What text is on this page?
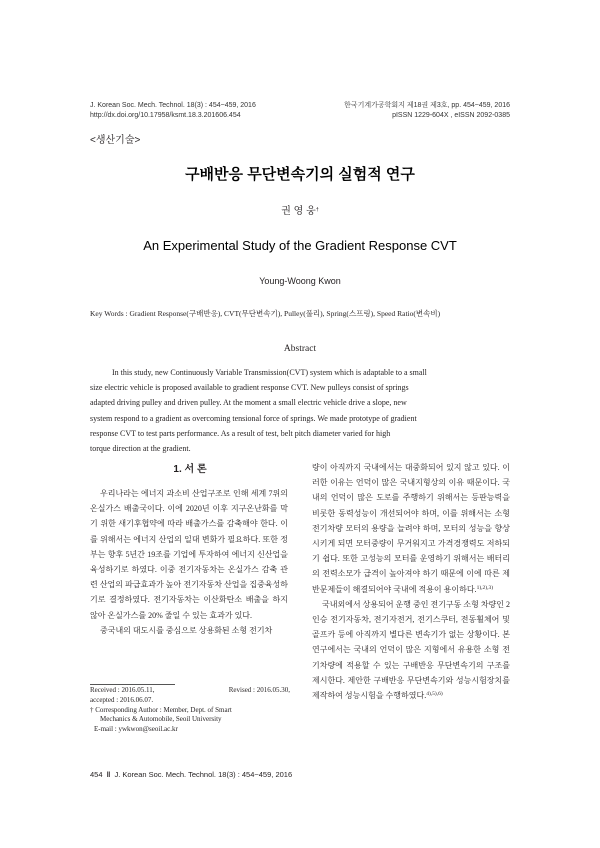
J. Korean Soc. Mech. Technol. 18(3) : 454~459, 2016
http://dx.doi.org/10.17958/ksmt.18.3.201606.454
한국기계가공학회지 제18권 제3호, pp. 454~459, 2016
pISSN 1229-604X , eISSN 2092-0385
<생산기술>
구배반응 무단변속기의 실험적 연구
권 영 웅†
An Experimental Study of the Gradient Response CVT
Young-Woong Kwon
Key Words : Gradient Response(구배반응), CVT(무단변속기), Pulley(풀리), Spring(스프링), Speed Ratio(변속비)
Abstract
In this study, new Continuously Variable Transmission(CVT) system which is adaptable to a small
size electric vehicle is proposed available to gradient response CVT. New pulleys consist of springs
adapted driving pulley and driven pulley. At the moment a small electric vehicle drive a slope, new
system respond to a gradient as overcoming tensional force of springs. We made prototype of gradient
response CVT to test parts performance. As a result of test, belt pitch diameter varied for high
torque direction at the gradient.
1. 서 론

우리나라는 에너지 과소비 산업구조로 인해 세계 7위의 온실가스 배출국이다. 이에 2020년 이후 지구온난화를 막기 위한 새기후협약에 따라 배출가스를 감축해야 한다. 이를 위해서는 에너지 산업의 일대 변화가 필요하다. 또한 정부는 향후 5년간 19조를 기업에 투자하여 에너지 신산업을 육성하기로 하였다. 이중 전기자동차는 온실가스 감축 관련 산업의 파급효과가 높아 전기자동차 산업을 집중육성하기로 결정하였다. 전기자동차는 이산화탄소 배출을 하지 않아 온실가스를 20% 줄일 수 있는 효과가 있다.

중국내의 대도시를 중심으로 상용화된 소형 전기차

Received : 2016.05.11,	Revised : 2016.05.30,
accepted : 2016.06.07.
† Corresponding Author : Member, Dept. of Smart
Mechanics & Automobile, Seoil University
E-mail : ywkwon@seoil.ac.kr

량이 아직까지 국내에서는 대중화되어 있지 않고 있다. 이러한 이유는 언덕이 많은 국내지형상의 이유 때문이다. 국내의 언덕이 많은 도로를 주행하기 위해서는 등판능력을 비롯한 동력성능이 개선되어야 하며, 이를 위해서는 소형 전기차량 모터의 용량을 늘려야 하며, 모터의 성능을 향상시키게 되면 모터중량이 무거워지고 가격경쟁력도 저하되기 쉽다. 또한 고성능의 모터를 운영하기 위해서는 배터리의 전력소모가 급격이 높아져야 하기 때문에 이에 따른 제반문제들이 해결되어야 국내에 적용이 용이하다.$^{1),2),3)}$

국내외에서 상용되어 운행 중인 전기구동 소형 차량인 2인승 전기자동차, 전기자전거, 전기스쿠터, 전동휠체어 및 골프카 등에 아직까지 별다른 변속기가 없는 상황이다. 본 연구에서는 국내의 언덕이 많은 지형에서 유용한 소형 전기차량에 적용할 수 있는 구배반응 무단변속기의 구조를 제시한다. 제안한 구배반응 무단변속기와 성능시험장치를 제작하여 성능시험을 수행하였다.$^{4),5),6)}$

454 ‖ J. Korean Soc. Mech. Technol. 18(3) : 454~459, 2016
